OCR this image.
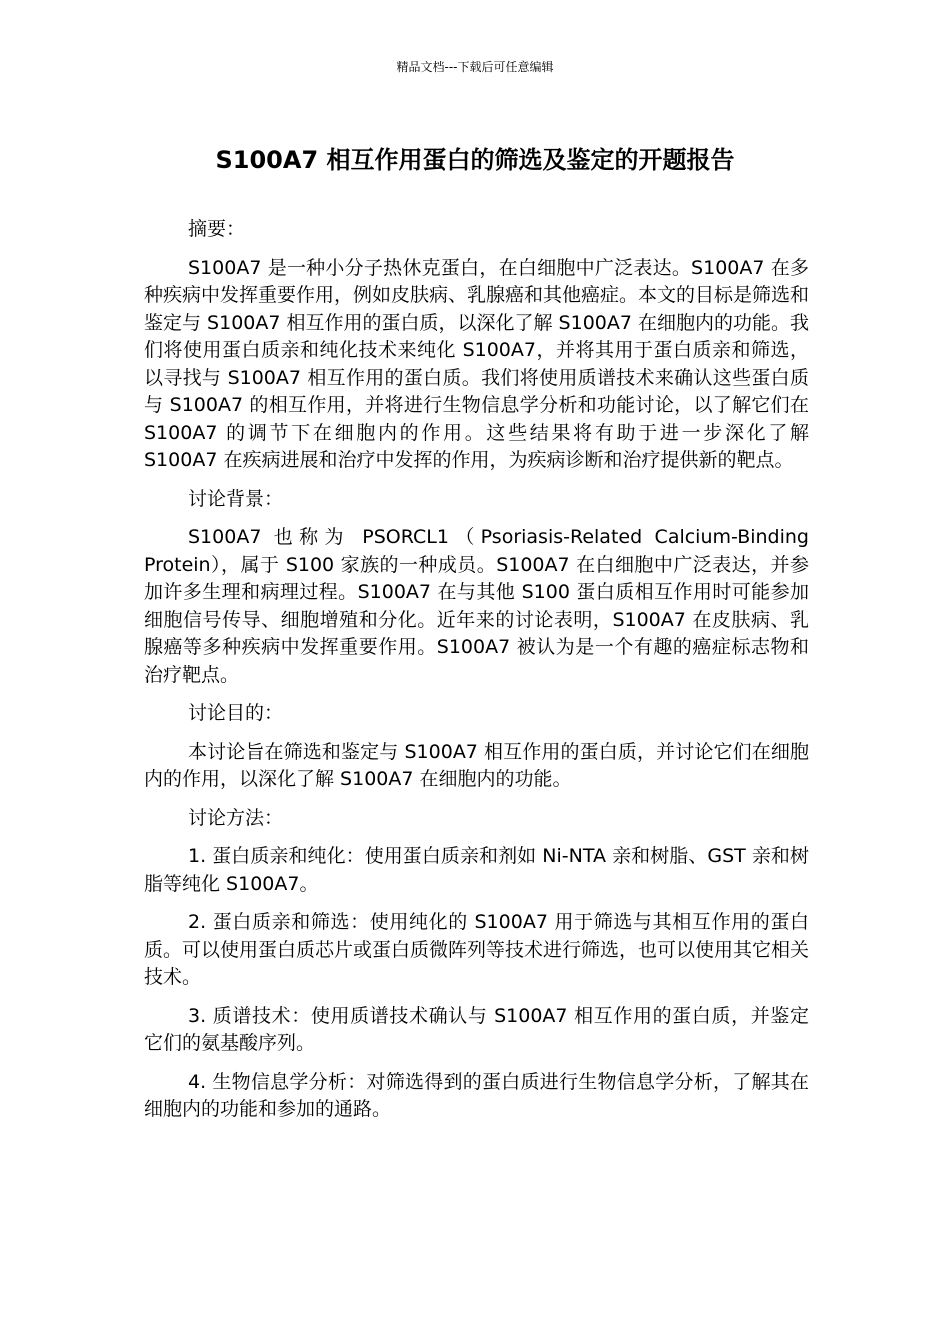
精品文档---下载后可任意编辑
S100A7 相互作用蛋白的筛选及鉴定的开题报告

摘要：

S100A7 是一种小分子热休克蛋白，在白细胞中广泛表达。S100A7 在多种疾病中发挥重要作用，例如皮肤病、乳腺癌和其他癌症。本文的目标是筛选和鉴定与 S100A7 相互作用的蛋白质，以深化了解 S100A7 在细胞内的功能。我们将使用蛋白质亲和纯化技术来纯化 S100A7，并将其用于蛋白质亲和筛选，以寻找与 S100A7 相互作用的蛋白质。我们将使用质谱技术来确认这些蛋白质与 S100A7 的相互作用，并将进行生物信息学分析和功能讨论，以了解它们在 S100A7 的调节下在细胞内的作用。这些结果将有助于进一步深化了解 S100A7 在疾病进展和治疗中发挥的作用，为疾病诊断和治疗提供新的靶点。

讨论背景：

S100A7 也称为 PSORCL1（Psoriasis-Related Calcium-Binding Protein），属于 S100 家族的一种成员。S100A7 在白细胞中广泛表达，并参加许多生理和病理过程。S100A7 在与其他 S100 蛋白质相互作用时可能参加细胞信号传导、细胞增殖和分化。近年来的讨论表明，S100A7 在皮肤病、乳腺癌等多种疾病中发挥重要作用。S100A7 被认为是一个有趣的癌症标志物和治疗靶点。

讨论目的：

本讨论旨在筛选和鉴定与 S100A7 相互作用的蛋白质，并讨论它们在细胞内的作用，以深化了解 S100A7 在细胞内的功能。

讨论方法：

1. 蛋白质亲和纯化：使用蛋白质亲和剂如 Ni-NTA 亲和树脂、GST 亲和树脂等纯化 S100A7。

2. 蛋白质亲和筛选：使用纯化的 S100A7 用于筛选与其相互作用的蛋白质。可以使用蛋白质芯片或蛋白质微阵列等技术进行筛选，也可以使用其它相关技术。

3. 质谱技术：使用质谱技术确认与 S100A7 相互作用的蛋白质，并鉴定它们的氨基酸序列。

4. 生物信息学分析：对筛选得到的蛋白质进行生物信息学分析，了解其在细胞内的功能和参加的通路。
